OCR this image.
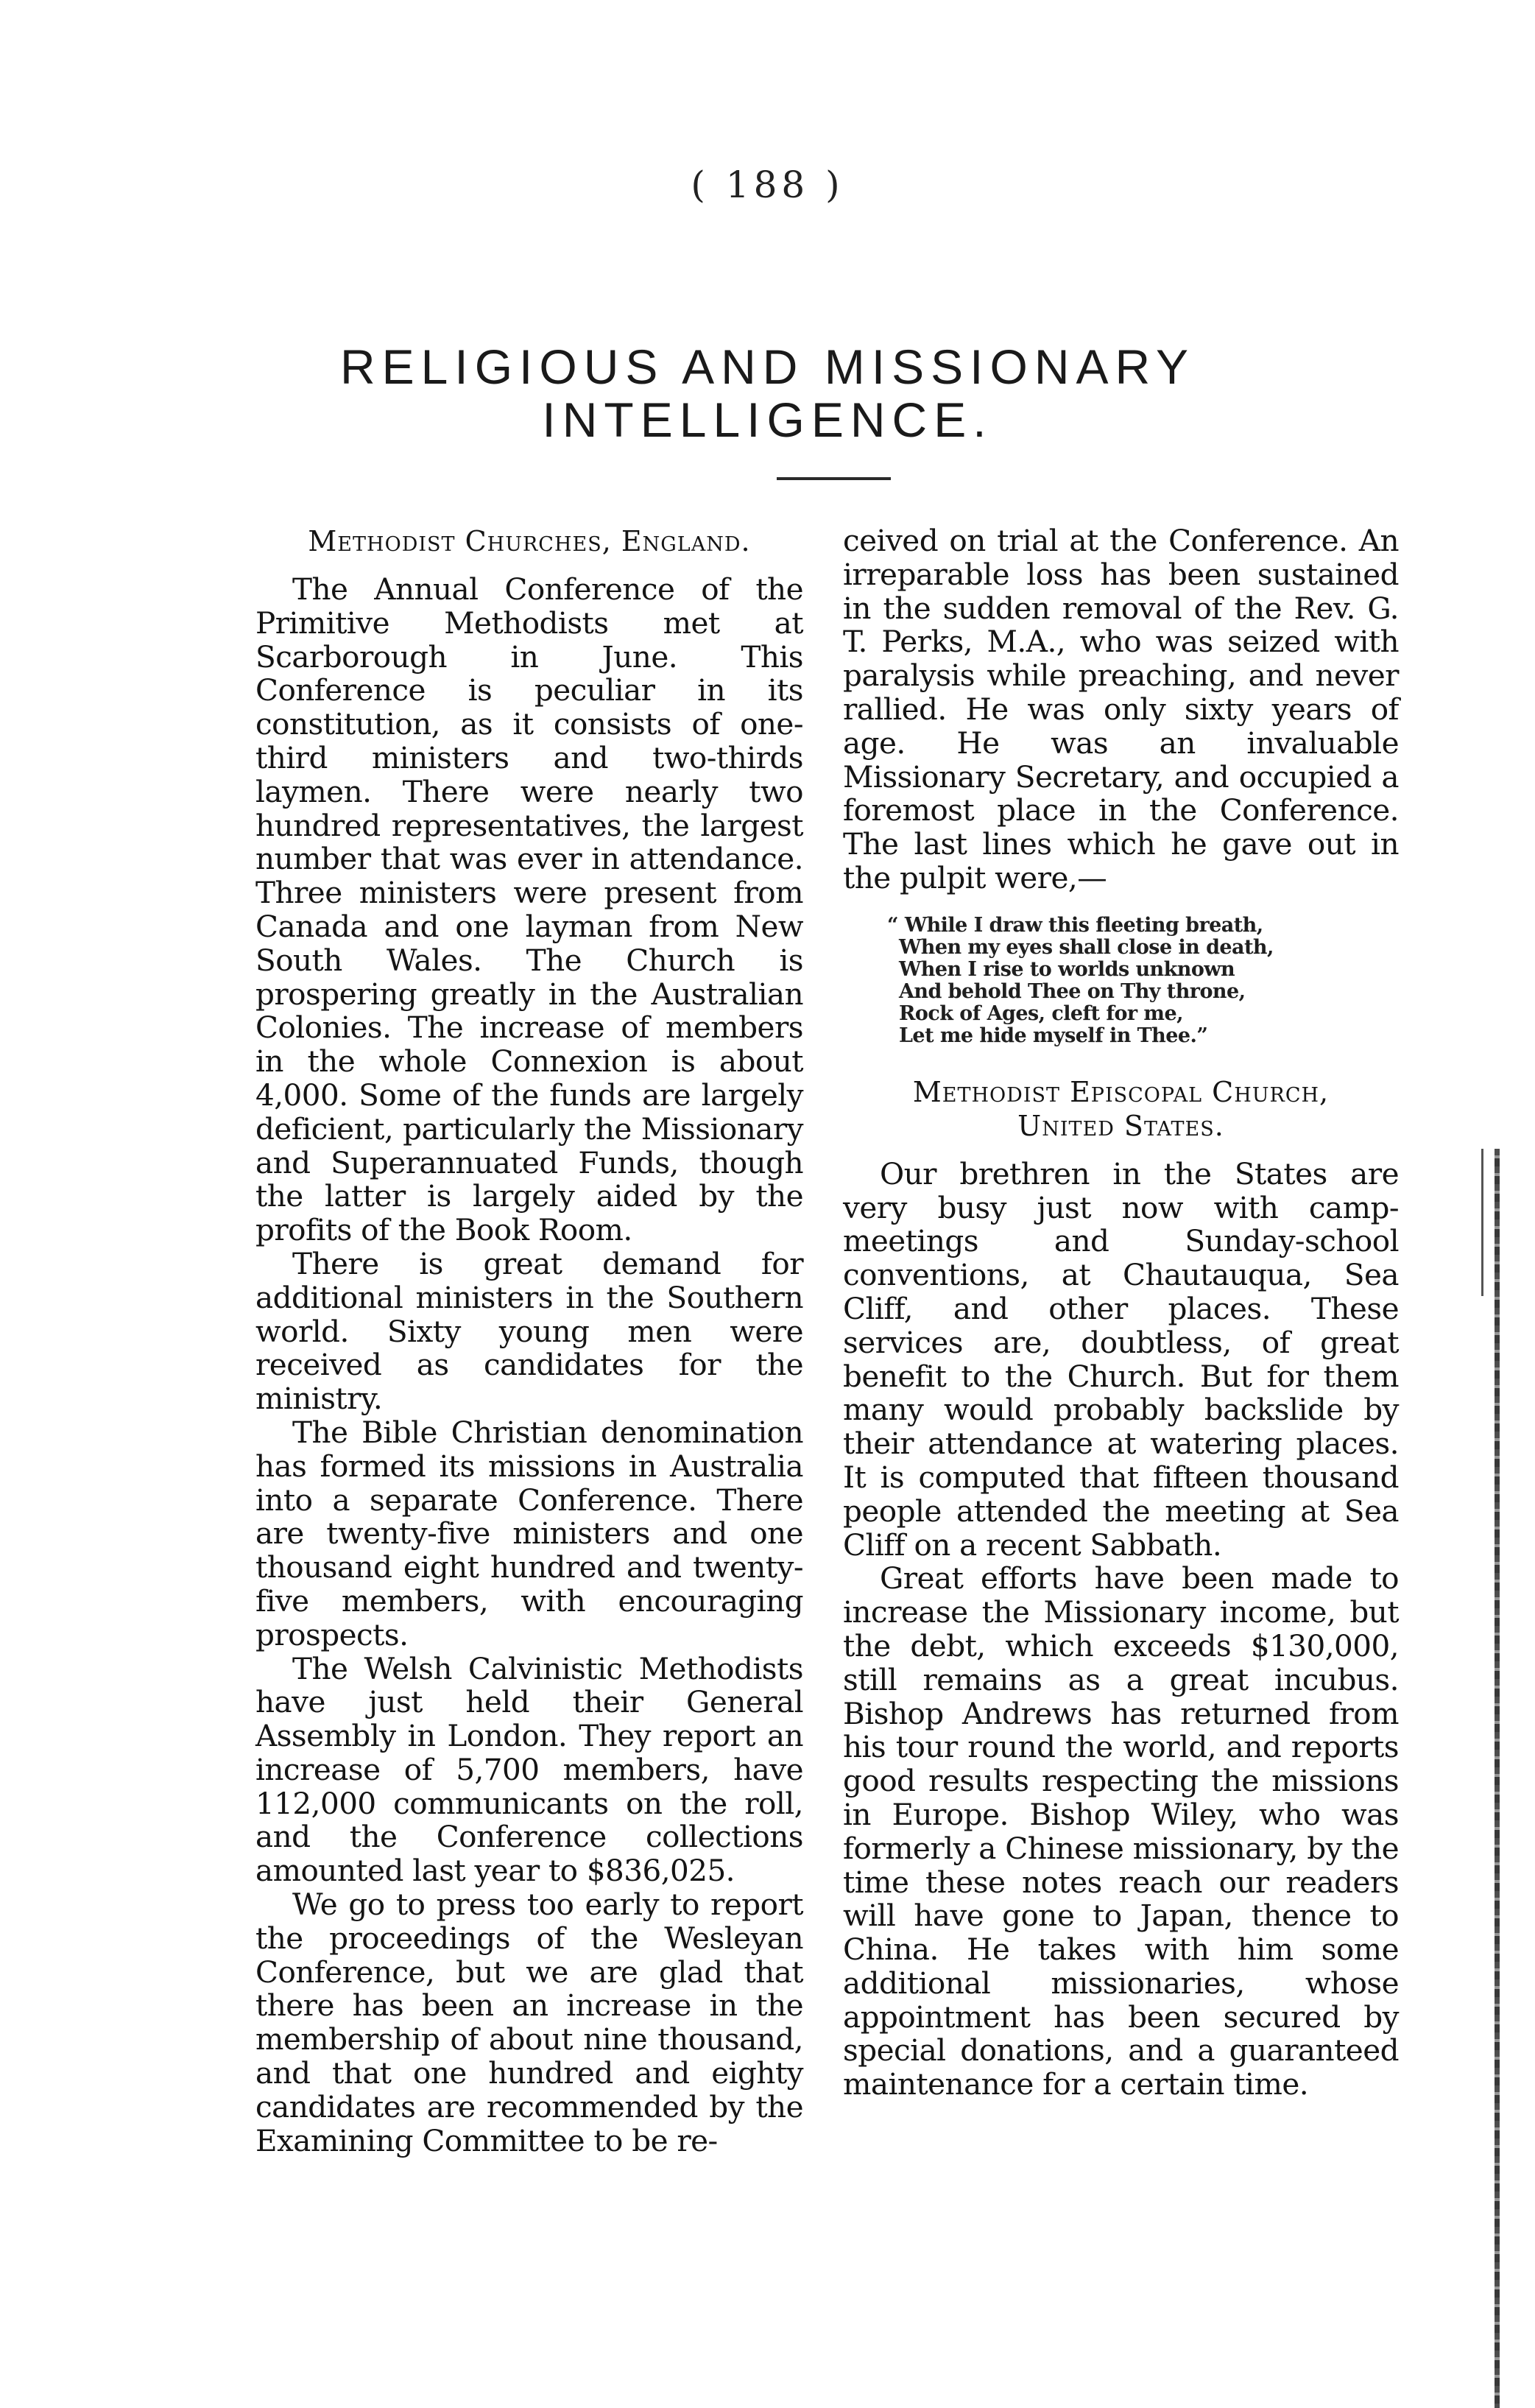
( 188 )
RELIGIOUS AND MISSIONARY
INTELLIGENCE.
Methodist Churches, England.

The Annual Conference of the Primitive Methodists met at Scarborough in June. This Conference is peculiar in its constitution, as it consists of one-third ministers and two-thirds laymen. There were nearly two hundred representatives, the largest number that was ever in attendance. Three ministers were present from Canada and one layman from New South Wales. The Church is prospering greatly in the Australian Colonies. The increase of members in the whole Connexion is about 4,000. Some of the funds are largely deficient, particularly the Missionary and Superannuated Funds, though the latter is largely aided by the profits of the Book Room.

There is great demand for additional ministers in the Southern world. Sixty young men were received as candidates for the ministry.

The Bible Christian denomination has formed its missions in Australia into a separate Conference. There are twenty-five ministers and one thousand eight hundred and twenty-five members, with encouraging prospects.

The Welsh Calvinistic Methodists have just held their General Assembly in London. They report an increase of 5,700 members, have 112,000 communicants on the roll, and the Conference collections amounted last year to $836,025.

We go to press too early to report the proceedings of the Wesleyan Conference, but we are glad that there has been an increase in the membership of about nine thousand, and that one hundred and eighty candidates are recommended by the Examining Committee to be re-

ceived on trial at the Conference. An irreparable loss has been sustained in the sudden removal of the Rev. G. T. Perks, M.A., who was seized with paralysis while preaching, and never rallied. He was only sixty years of age. He was an invaluable Missionary Secretary, and occupied a foremost place in the Conference. The last lines which he gave out in the pulpit were,—

“ While I draw this fleeting breath,
When my eyes shall close in death,
When I rise to worlds unknown
And behold Thee on Thy throne,
Rock of Ages, cleft for me,
Let me hide myself in Thee.”
Methodist Episcopal Church,
United States.

Our brethren in the States are very busy just now with camp-meetings and Sunday-school conventions, at Chautauqua, Sea Cliff, and other places. These services are, doubtless, of great benefit to the Church. But for them many would probably backslide by their attendance at watering places. It is computed that fifteen thousand people attended the meeting at Sea Cliff on a recent Sabbath.

Great efforts have been made to increase the Missionary income, but the debt, which exceeds $130,000, still remains as a great incubus. Bishop Andrews has returned from his tour round the world, and reports good results respecting the missions in Europe. Bishop Wiley, who was formerly a Chinese missionary, by the time these notes reach our readers will have gone to Japan, thence to China. He takes with him some additional missionaries, whose appointment has been secured by special donations, and a guaranteed maintenance for a certain time.
